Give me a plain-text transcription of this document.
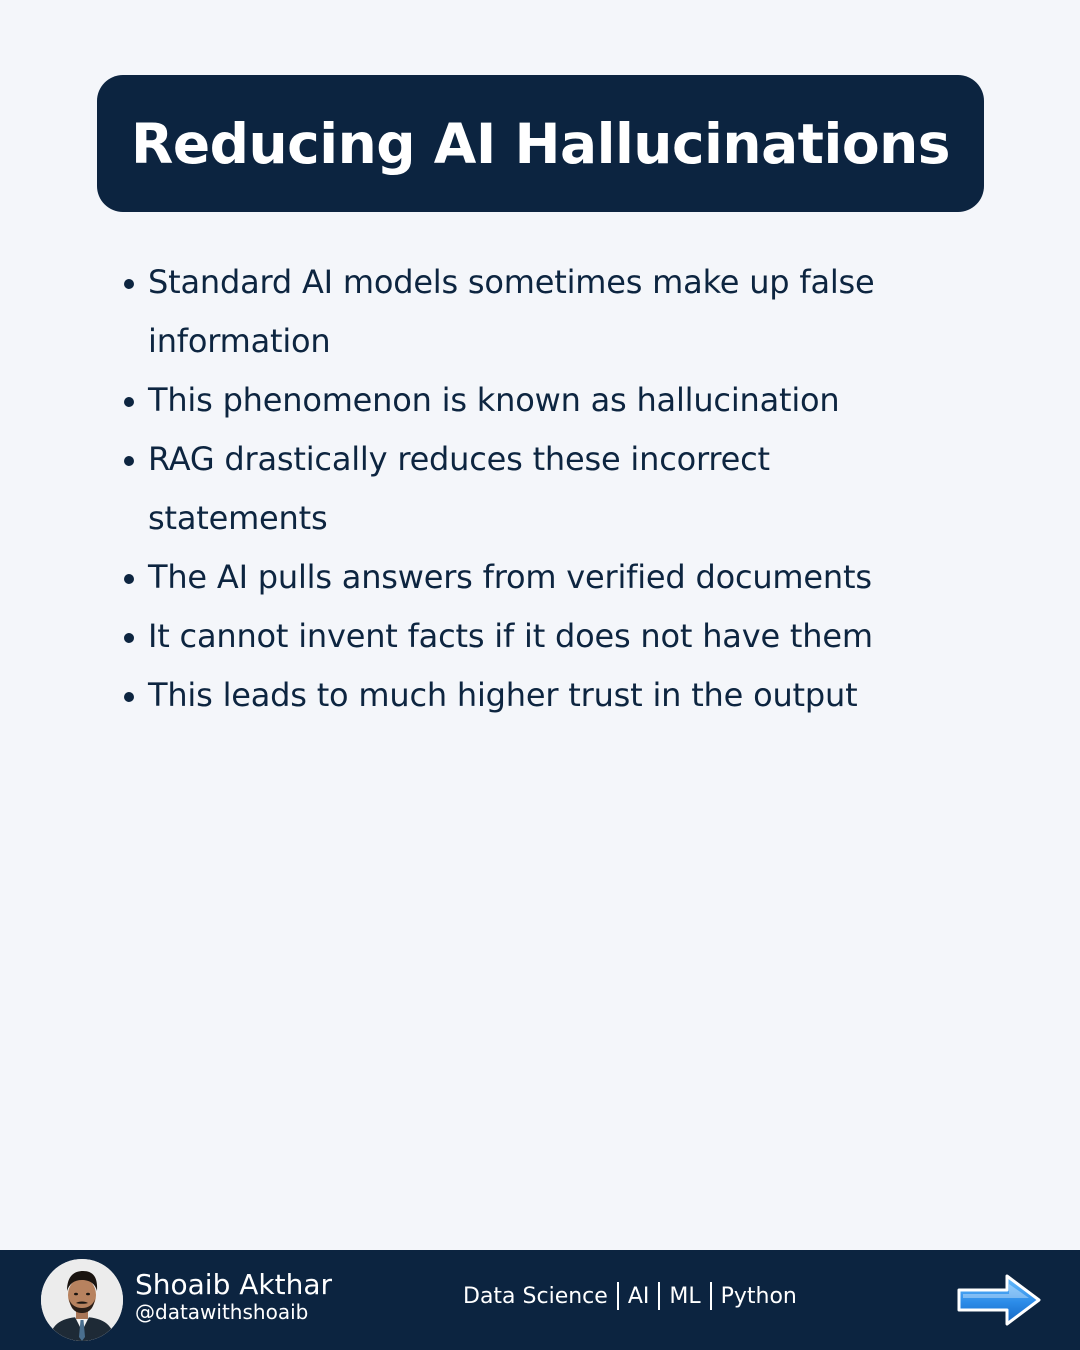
Reducing AI Hallucinations
Standard AI models sometimes make up false information
This phenomenon is known as hallucination
RAG drastically reduces these incorrect statements
The AI pulls answers from verified documents
It cannot invent facts if it does not have them
This leads to much higher trust in the output
Shoaib Akthar
@datawithshoaib
Data Science AI ML Python
